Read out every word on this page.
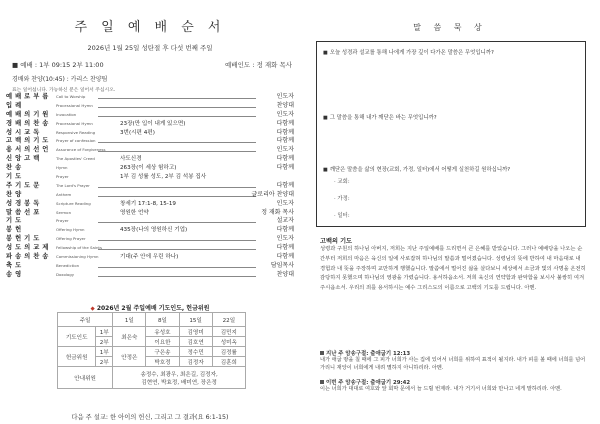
주 일 예 배 순 서
2026년 1월 25일 성탄절 후 다섯 번째 주일
■ 예배 : 1부 09:15 2부 11:00	예배인도 : 정 재화 목사
경배와 찬양(10:45) : 카리스 찬양팀
표는 일어섭니다. 가능하신 분은 일어서 주십시오.
예 배 로 부 름	Call to Worship	인도자
입 례	Processional Hymn	찬양대
예 배 의 기 원	Invocation	인도자
경 배 의 찬 송	Processional Hymn	23장(만 입이 내게 있으면)	다함께
성 시 교 독	Responsive Reading	3번(시편 4편)	다함께
고 백 의 기 도	Prayer of confession	다함께
용 서 의 선 언	Assurance of Forgiveness	인도자
신 앙 고 백	The Apostles' Creed	사도신경	다함께
찬 송	Hymn	263장(이 세상 험하고)	다함께
기 도	Prayer	1부 김 성률 성도, 2부 김 석봉 집사
주 기 도 문	The Lord's Prayer	다함께
찬 양	Anthem	글로리아 찬양대
성 경 봉 독	Scripture Reading	창세기 17:1-8, 15-19	인도자
말 씀 선 포	Sermon	영원한 언약	정 재화 목사
기 도	Prayer	설교자
봉 헌	Offering Hymn	435장(나의 영원하신 기업)	다함께
봉 헌 기 도	Offering Prayer	인도자
성 도 의 교 제	Fellowship of the Saints	다함께
파 송 의 찬 송	Commissioning Hymn	기대(주 안에 우린 하나)	다함께
축 도	Benediction	담임목사
송 영	Doxology	찬양대
◆ 2026년 2월 주일예배 기도인도, 헌금위원
주일		1일	8일	15일	22일
기도인도	1부	최은숙	유성호	김영미	김민지
	2부		이요한	김호연	성미옥
헌금위원	1부	안정은	구은송	정수민	김정률
	2부		박호정	김정자	김훈희
안내위원		송정수, 최광우, 최은길, 김정자,
김현연, 박효정, 배미연, 장은정			
다음 주 설교: 한 아이의 헌신, 그리고 그 결과(요 6:1-15)
말 씀 묵 상
■ 오늘 성경과 설교를 통해 나에게 가장 깊이 다가온 말씀은 무엇입니까?
■ 그 말씀을 통해 내가 깨닫은 바는 무엇입니까?
■ 깨닫은 말씀을 삶의 현장(교회, 가정, 일터)에서 어떻게 실천하길 원하십니까?
· 교회:
· 가정:
· 일터:
고백의 기도
성령과 구원의 하나님 아버지, 저희는 지난 주일예배를 드리면서 큰 은혜를 받았습니다. 그러나 예배당을 나오는 순간부터 저희의 마음은 육신의 일에 사로잡혀 하나님의 말씀과 멀어졌습니다. 성령님의 뜻에 반하여 내 마음대로 내 경험과 내 뜻을 주장하며 교만하게 행했습니다. 말씀에서 멀어진 삶을 살다보니 세상에서 소금과 빛의 사명을 온전히 감당하지 못했으며 하나님의 영광을 가렸습니다. 용서하옵소서. 저희 육신의 연약함과 완악함을 보시사 불쌍히 여겨주시옵소서. 우리의 죄를 용서하시는 예수 그리스도의 이름으로 고백의 기도를 드립니다. 아멘.
지난 주 암송구절: 출애굽기 12:13
내가 애굽 땅을 칠 때에 그 피가 너희가 사는 집에 있어서 너희를 위하여 표적이 될지라. 내가 피를 볼 때에 너희를 넘어가리니 재앙이 너희에게 내려 멸하지 아니하리라. 아멘.
이번 주 암송구절: 출애굽기 29:42
이는 너희가 대대로 여호와 앞 회막 문에서 늘 드릴 번제라. 내가 거기서 너희와 만나고 네게 말하리라. 아멘.
